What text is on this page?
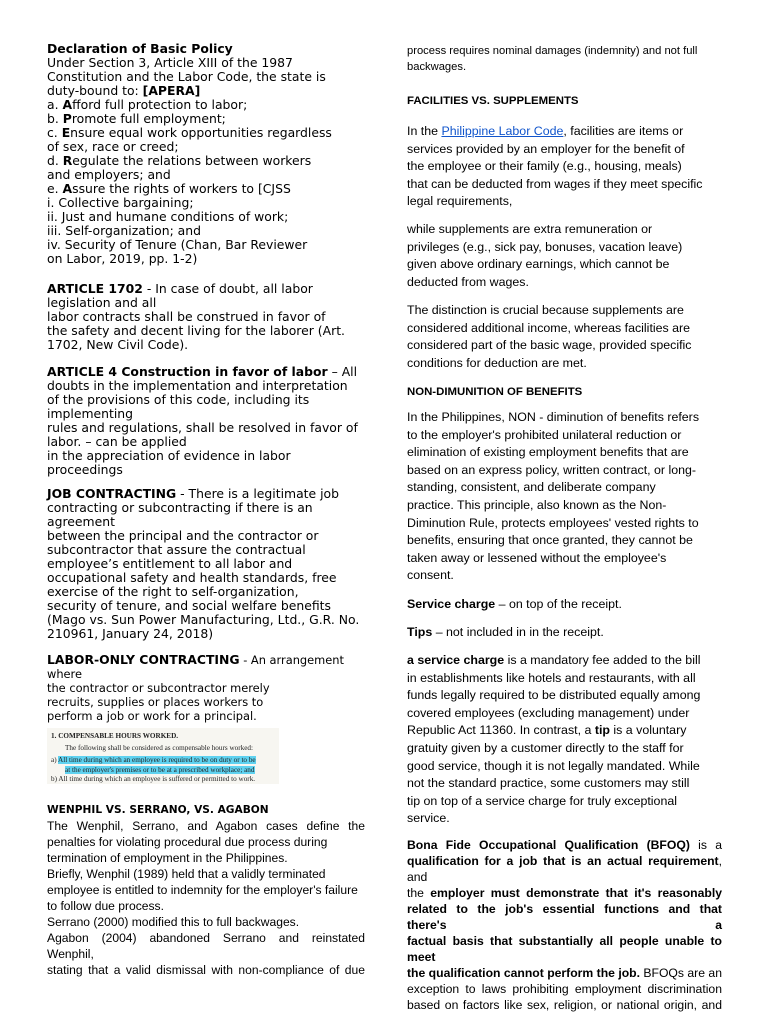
Declaration of Basic Policy
Under Section 3, Article XIII of the 1987
Constitution and the Labor Code, the state is
duty-bound to: [APERA]
a. Afford full protection to labor;
b. Promote full employment;
c. Ensure equal work opportunities regardless
of sex, race or creed;
d. Regulate the relations between workers
and employers; and
e. Assure the rights of workers to [CJSS
i. Collective bargaining;
ii. Just and humane conditions of work;
iii. Self-organization; and
iv. Security of Tenure (Chan, Bar Reviewer
on Labor, 2019, pp. 1-2)
ARTICLE 1702 - In case of doubt, all labor
legislation and all
labor contracts shall be construed in favor of
the safety and decent living for the laborer (Art.
1702, New Civil Code).
ARTICLE 4 Construction in favor of labor – All
doubts in the implementation and interpretation
of the provisions of this code, including its
implementing
rules and regulations, shall be resolved in favor of
labor. – can be applied
in the appreciation of evidence in labor
proceedings
JOB CONTRACTING - There is a legitimate job
contracting or subcontracting if there is an
agreement
between the principal and the contractor or
subcontractor that assure the contractual
employee’s entitlement to all labor and
occupational safety and health standards, free
exercise of the right to self-organization,
security of tenure, and social welfare benefits
(Mago vs. Sun Power Manufacturing, Ltd., G.R. No.
210961, January 24, 2018)
LABOR-ONLY CONTRACTING - An arrangement
where
the contractor or subcontractor merely
recruits, supplies or places workers to
perform a job or work for a principal.
1. COMPENSABLE HOURS WORKED.
The following shall be considered as compensable hours worked:
a) All time during which an employee is required to be on duty or to be
at the employer's premises or to be at a prescribed workplace; and
b) All time during which an employee is suffered or permitted to work.
WENPHIL VS. SERRANO, VS. AGABON
The Wenphil, Serrano, and Agabon cases define the
penalties for violating procedural due process during
termination of employment in the Philippines.
Briefly, Wenphil (1989) held that a validly terminated
employee is entitled to indemnity for the employer's failure
to follow due process.
Serrano (2000) modified this to full backwages.
Agabon (2004) abandoned Serrano and reinstated Wenphil,
stating that a valid dismissal with non-compliance of due
process requires nominal damages (indemnity) and not full
backwages.
FACILITIES VS. SUPPLEMENTS
In the Philippine Labor Code, facilities are items or
services provided by an employer for the benefit of
the employee or their family (e.g., housing, meals)
that can be deducted from wages if they meet specific
legal requirements,
while supplements are extra remuneration or
privileges (e.g., sick pay, bonuses, vacation leave)
given above ordinary earnings, which cannot be
deducted from wages.
The distinction is crucial because supplements are
considered additional income, whereas facilities are
considered part of the basic wage, provided specific
conditions for deduction are met.
NON-DIMUNITION OF BENEFITS
In the Philippines, NON - diminution of benefits refers
to the employer's prohibited unilateral reduction or
elimination of existing employment benefits that are
based on an express policy, written contract, or long-
standing, consistent, and deliberate company
practice. This principle, also known as the Non-
Diminution Rule, protects employees' vested rights to
benefits, ensuring that once granted, they cannot be
taken away or lessened without the employee's
consent.
Service charge – on top of the receipt.
Tips – not included in in the receipt.
a service charge is a mandatory fee added to the bill
in establishments like hotels and restaurants, with all
funds legally required to be distributed equally among
covered employees (excluding management) under
Republic Act 11360. In contrast, a tip is a voluntary
gratuity given by a customer directly to the staff for
good service, though it is not legally mandated. While
not the standard practice, some customers may still
tip on top of a service charge for truly exceptional
service.
Bona Fide Occupational Qualification (BFOQ) is a
qualification for a job that is an actual requirement, and
the employer must demonstrate that it's reasonably
related to the job's essential functions and that there's a
factual basis that substantially all people unable to meet
the qualification cannot perform the job. BFOQs are an
exception to laws prohibiting employment discrimination
based on factors like sex, religion, or national origin, and
